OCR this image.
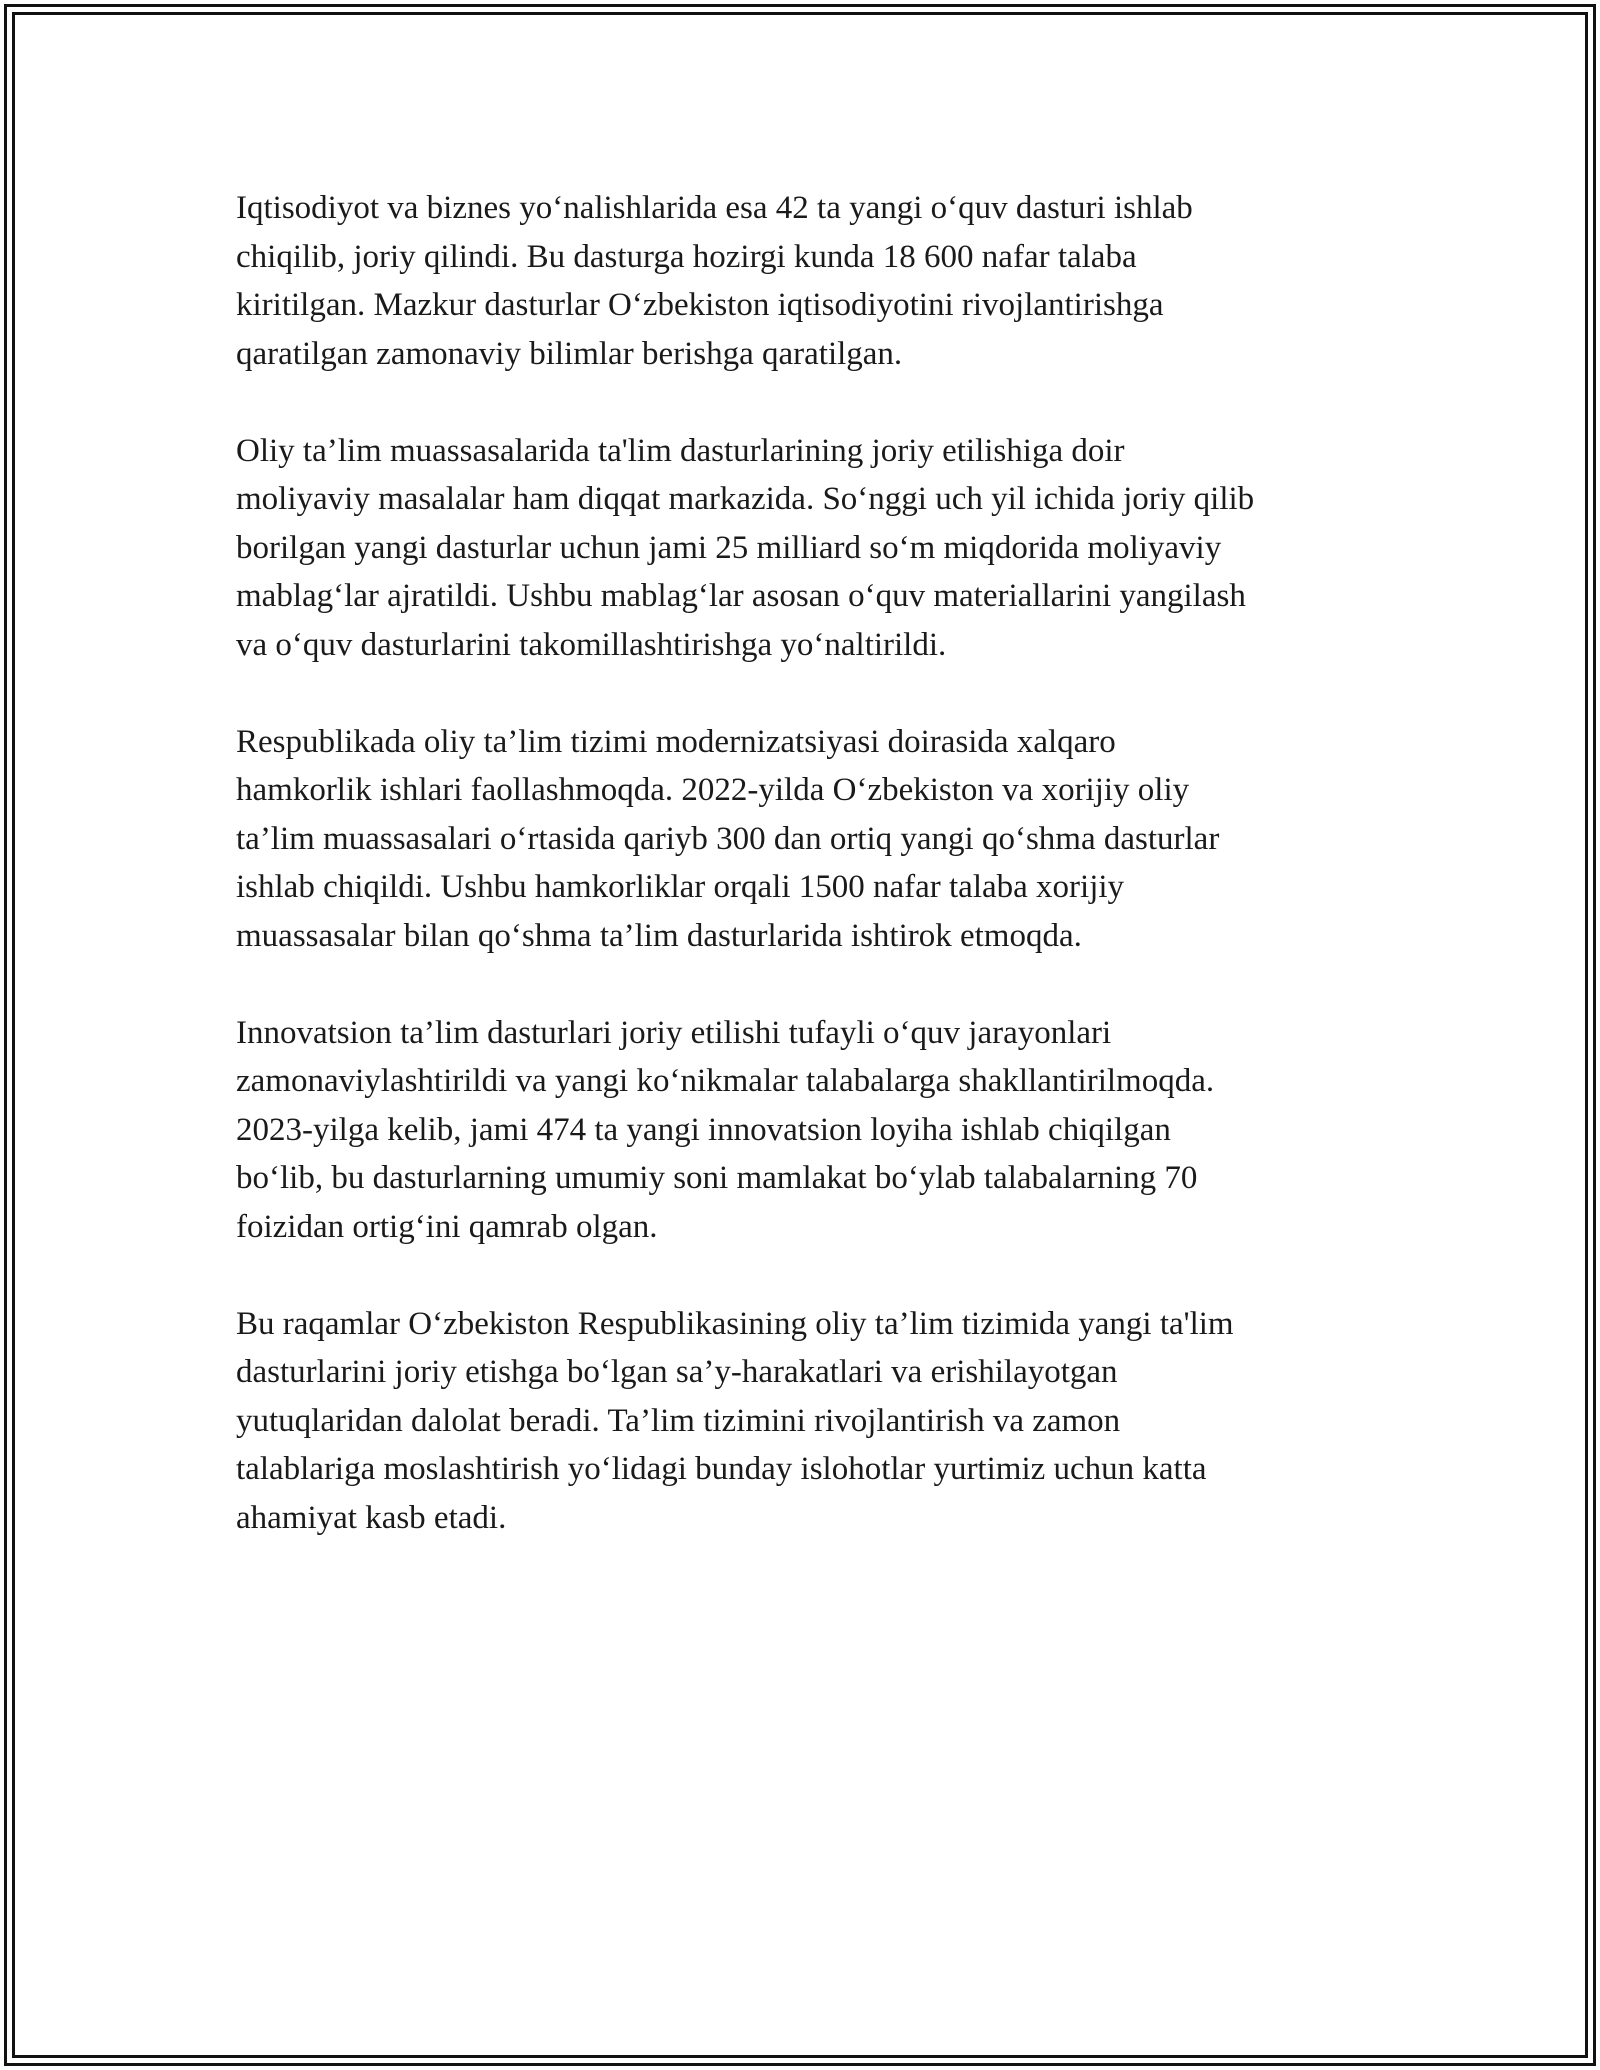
Iqtisodiyot va biznes yo‘nalishlarida esa 42 ta yangi o‘quv dasturi ishlab
chiqilib, joriy qilindi. Bu dasturga hozirgi kunda 18 600 nafar talaba
kiritilgan. Mazkur dasturlar O‘zbekiston iqtisodiyotini rivojlantirishga
qaratilgan zamonaviy bilimlar berishga qaratilgan.

Oliy ta’lim muassasalarida ta'lim dasturlarining joriy etilishiga doir
moliyaviy masalalar ham diqqat markazida. So‘nggi uch yil ichida joriy qilib
borilgan yangi dasturlar uchun jami 25 milliard so‘m miqdorida moliyaviy
mablag‘lar ajratildi. Ushbu mablag‘lar asosan o‘quv materiallarini yangilash
va o‘quv dasturlarini takomillashtirishga yo‘naltirildi.

Respublikada oliy ta’lim tizimi modernizatsiyasi doirasida xalqaro
hamkorlik ishlari faollashmoqda. 2022-yilda O‘zbekiston va xorijiy oliy
ta’lim muassasalari o‘rtasida qariyb 300 dan ortiq yangi qo‘shma dasturlar
ishlab chiqildi. Ushbu hamkorliklar orqali 1500 nafar talaba xorijiy
muassasalar bilan qo‘shma ta’lim dasturlarida ishtirok etmoqda.

Innovatsion ta’lim dasturlari joriy etilishi tufayli o‘quv jarayonlari
zamonaviylashtirildi va yangi ko‘nikmalar talabalarga shakllantirilmoqda.
2023-yilga kelib, jami 474 ta yangi innovatsion loyiha ishlab chiqilgan
bo‘lib, bu dasturlarning umumiy soni mamlakat bo‘ylab talabalarning 70
foizidan ortig‘ini qamrab olgan.

Bu raqamlar O‘zbekiston Respublikasining oliy ta’lim tizimida yangi ta'lim
dasturlarini joriy etishga bo‘lgan sa’y-harakatlari va erishilayotgan
yutuqlaridan dalolat beradi. Ta’lim tizimini rivojlantirish va zamon
talablariga moslashtirish yo‘lidagi bunday islohotlar yurtimiz uchun katta
ahamiyat kasb etadi.
